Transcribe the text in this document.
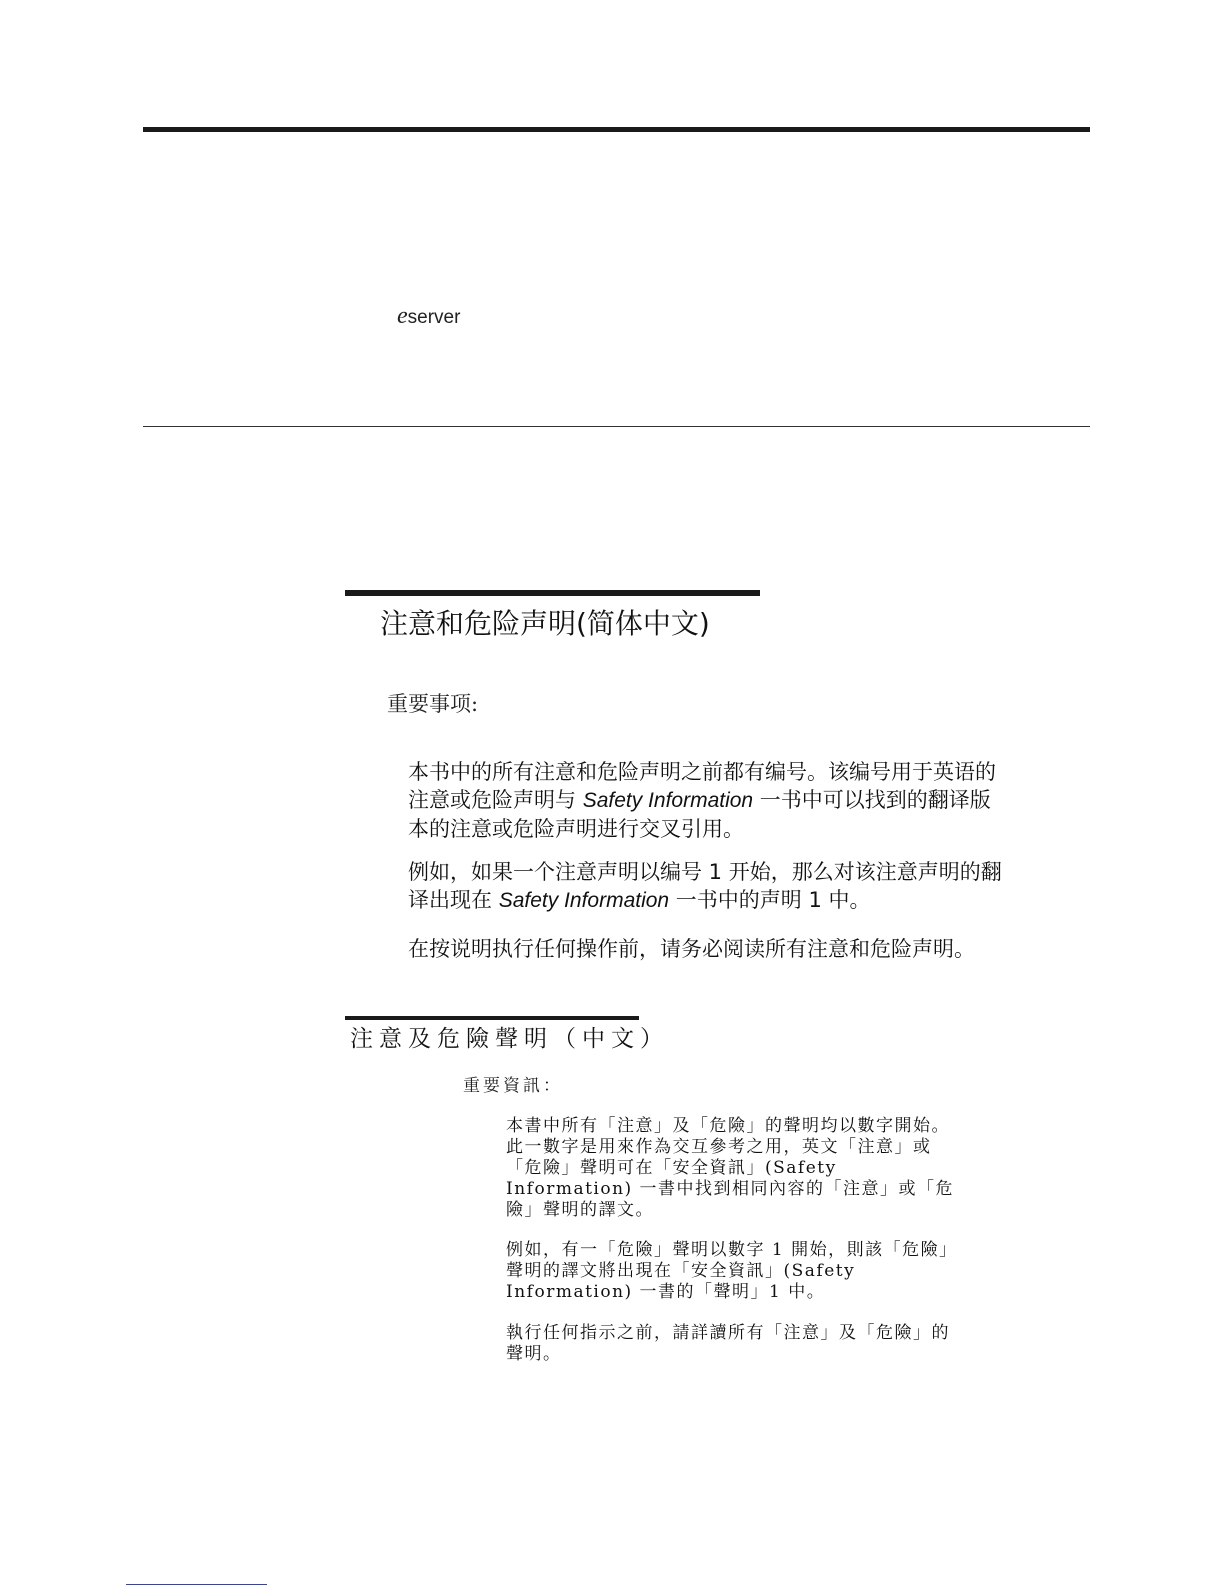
eserver
注意和危险声明(简体中文)
重要事项:
本书中的所有注意和危险声明之前都有编号。该编号用于英语的注意或危险声明与 Safety Information 一书中可以找到的翻译版本的注意或危险声明进行交叉引用。
例如，如果一个注意声明以编号 1 开始，那么对该注意声明的翻译出现在 Safety Information 一书中的声明 1 中。
在按说明执行任何操作前，请务必阅读所有注意和危险声明。
注意及危險聲明（中文）
重要資訊：
本書中所有「注意」及「危險」的聲明均以數字開始。此一數字是用來作為交互參考之用，英文「注意」或「危險」聲明可在「安全資訊」(Safety Information) 一書中找到相同內容的「注意」或「危險」聲明的譯文。
例如，有一「危險」聲明以數字 1 開始，則該「危險」聲明的譯文將出現在「安全資訊」(Safety Information) 一書的「聲明」1 中。
執行任何指示之前，請詳讀所有「注意」及「危險」的聲明。
